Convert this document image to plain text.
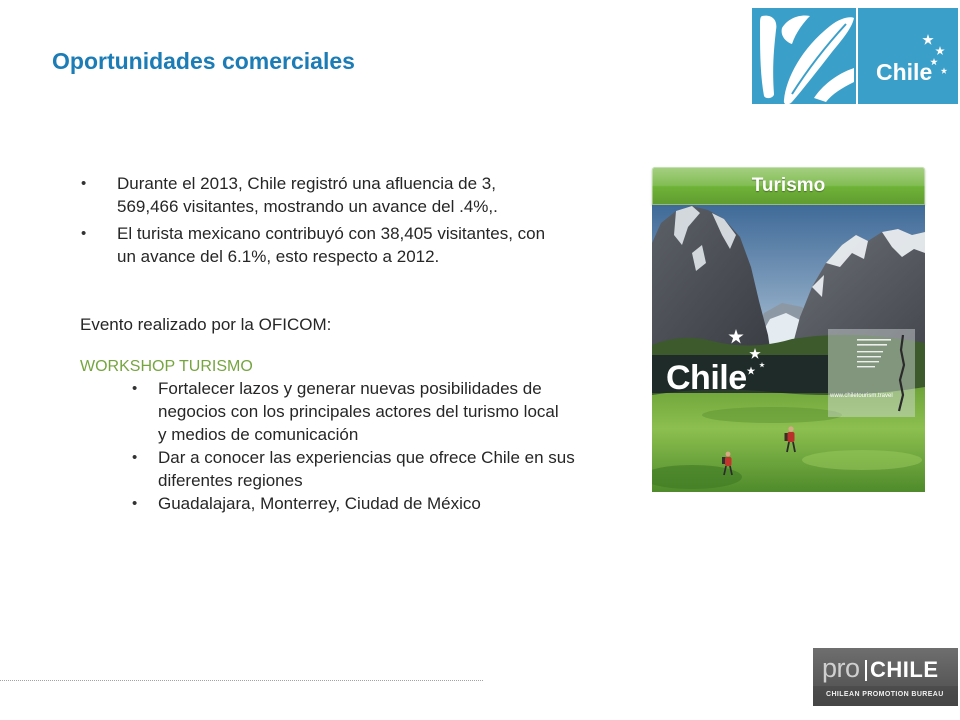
Oportunidades comerciales	Chile
• Durante el 2013, Chile registró una afluencia de 3,
569,466 visitantes, mostrando un avance del .4%,.
• El turista mexicano contribuyó con 38,405 visitantes, con
un avance del 6.1%, esto respecto a 2012.
Evento realizado por la OFICOM:
WORKSHOP TURISMO
• Fortalecer lazos y generar nuevas posibilidades de
negocios con los principales actores del turismo local
y medios de comunicación
• Dar a conocer las experiencias que ofrece Chile en sus
diferentes regiones
• Guadalajara, Monterrey, Ciudad de México
Turismo
Chile	www.chiletourism.travel
pro CHILE
CHILEAN PROMOTION BUREAU
